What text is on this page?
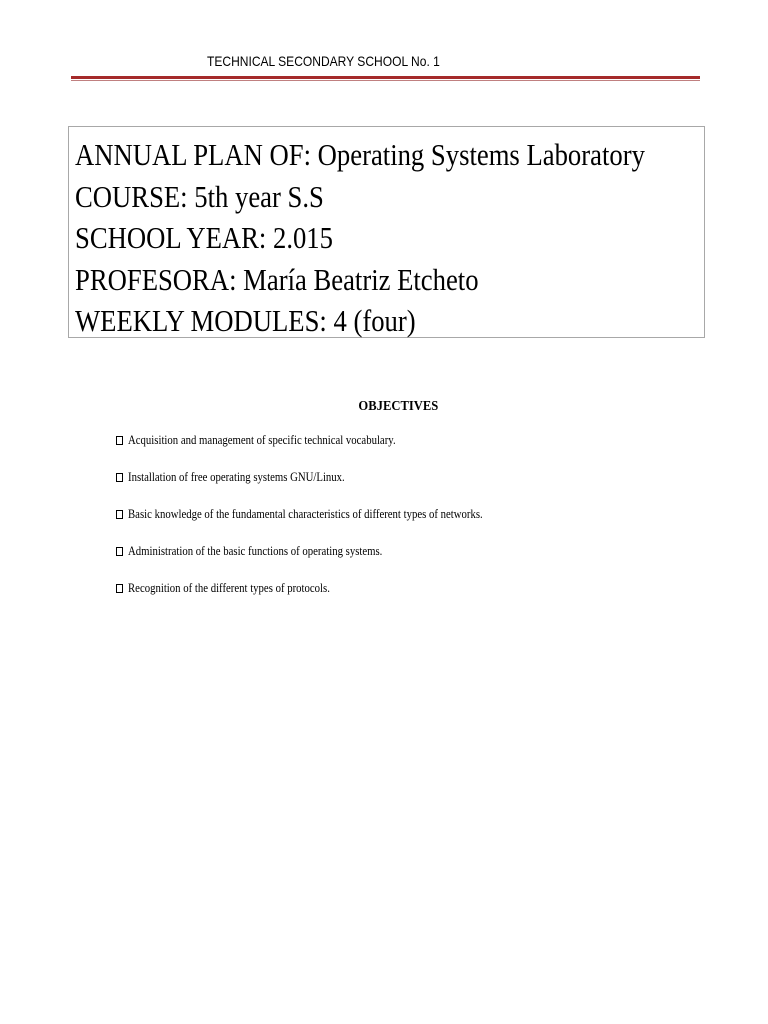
TECHNICAL SECONDARY SCHOOL No. 1
ANNUAL PLAN OF: Operating Systems Laboratory
COURSE: 5th year S.S
SCHOOL YEAR: 2.015
PROFESORA: María Beatriz Etcheto
WEEKLY MODULES: 4 (four)
OBJECTIVES
Acquisition and management of specific technical vocabulary.
Installation of free operating systems GNU/Linux.
Basic knowledge of the fundamental characteristics of different types of networks.
Administration of the basic functions of operating systems.
Recognition of the different types of protocols.
